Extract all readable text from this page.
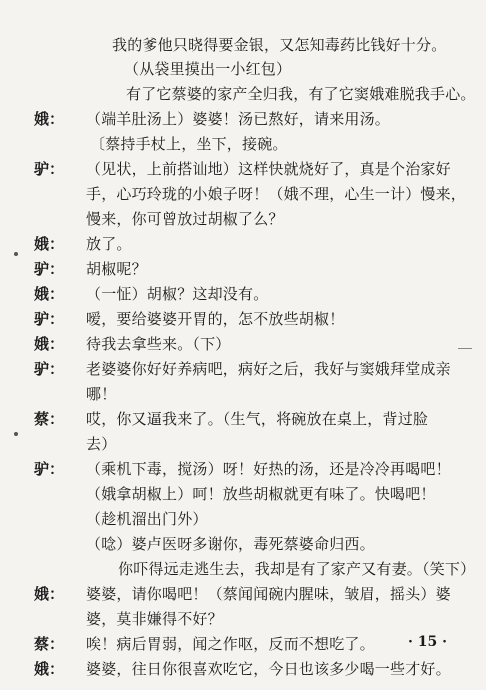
我的爹他只晓得要金银，又怎知毒药比钱好十分。
（从袋里摸出一小红包）
有了它蔡婆的家产全归我，有了它窦娥难脱我手心。
娥： （端羊肚汤上）婆婆！汤已熬好，请来用汤。
〔蔡持手杖上，坐下，接碗。
驴： （见状，上前搭讪地）这样快就烧好了，真是个治家好
手，心巧玲珑的小娘子呀！（娥不理，心生一计）慢来，
慢来，你可曾放过胡椒了么？
娥： 放了。
驴： 胡椒呢？
娥： （一怔）胡椒？这却没有。
驴： 嗳，要给婆婆开胃的，怎不放些胡椒！
娥： 待我去拿些来。（下）
驴： 老婆婆你好好养病吧，病好之后，我好与窦娥拜堂成亲
哪！
蔡： 哎，你又逼我来了。（生气，将碗放在桌上，背过脸
去）
驴： （乘机下毒，搅汤）呀！好热的汤，还是冷冷再喝吧！
（娥拿胡椒上）呵！放些胡椒就更有味了。快喝吧！
（趁机溜出门外）
（唸）婆卢医呀多谢你，毒死蔡婆命归西。
你吓得远走逃生去，我却是有了家产又有妻。（笑下）
娥： 婆婆，请你喝吧！（蔡闻闻碗内腥味，皱眉，摇头）婆
婆，莫非嫌得不好？
蔡： 唉！病后胃弱，闻之作呕，反而不想吃了。
娥： 婆婆，往日你很喜欢吃它，今日也该多少喝一些才好。
· 15 ·
